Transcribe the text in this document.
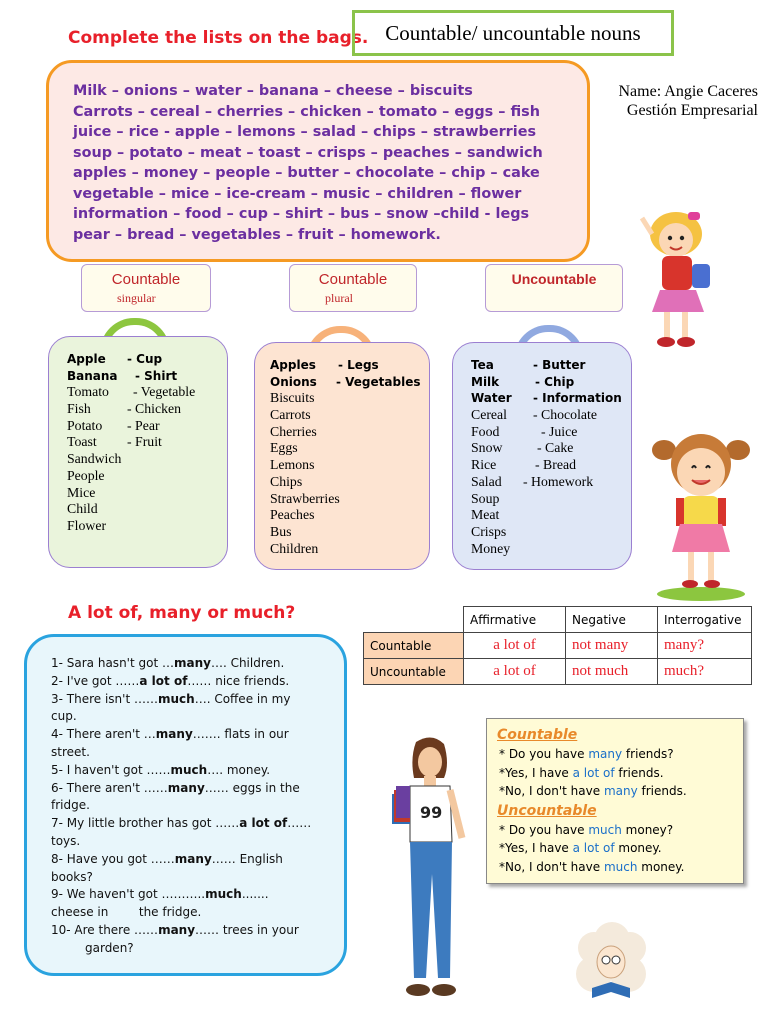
Complete the lists on the bags. Countable/ uncountable nouns
Name: Angie Caceres
Gestión Empresarial
Milk – onions – water – banana – cheese – biscuits
Carrots – cereal – cherries – chicken – tomato – eggs – fish
juice – rice - apple – lemons – salad – chips – strawberries
soup – potato – meat – toast – crisps – peaches – sandwich
apples – money – people – butter – chocolate – chip – cake
vegetable – mice – ice-cream – music – children – flower
information – food – cup – shirt – bus – snow –child - legs
pear – bread – vegetables – fruit – homework.
Countable
singular
Countable
plural
Uncountable
Apple - Cup
Banana - Shirt
Tomato - Vegetable
Fish	- Chicken
Potato - Pear
Toast - Fruit
Sandwich
People
Mice
Child
Flower
Apples - Legs
Onions - Vegetables
Biscuits
Carrots
Cherries
Eggs
Lemons
Chips
Strawberries
Peaches
Bus
Children
Tea	- Butter
Milk	- Chip
Water - Information
Cereal - Chocolate
Food	- Juice
Snow	- Cake
Rice	- Bread
Salad - Homework
Soup
Meat
Crisps
Money
A lot of, many or much?
1- Sara hasn't got …many…. Children.
2- I've got ……a lot of…… nice friends.
3- There isn't ……much…. Coffee in my
cup.
4- There aren't …many……. flats in our
street.
5- I haven't got ……much…. money.
6- There aren't ……many…… eggs in the
fridge.
7- My little brother has got ……a lot of……
toys.
8- Have you got ……many…… English
books?
9- We haven't got ………..much.......
cheese in        the fridge.
10- Are there ……many…… trees in your
garden?
	Affirmative	Negative	Interrogative
Countable	a lot of	not many	many?
Uncountable	a lot of	not much	much?
Countable
* Do you have many friends?
*Yes, I have a lot of friends.
*No, I don't have many friends.
Uncountable
* Do you have much money?
*Yes, I have a lot of money.
*No, I don't have much money.
99
